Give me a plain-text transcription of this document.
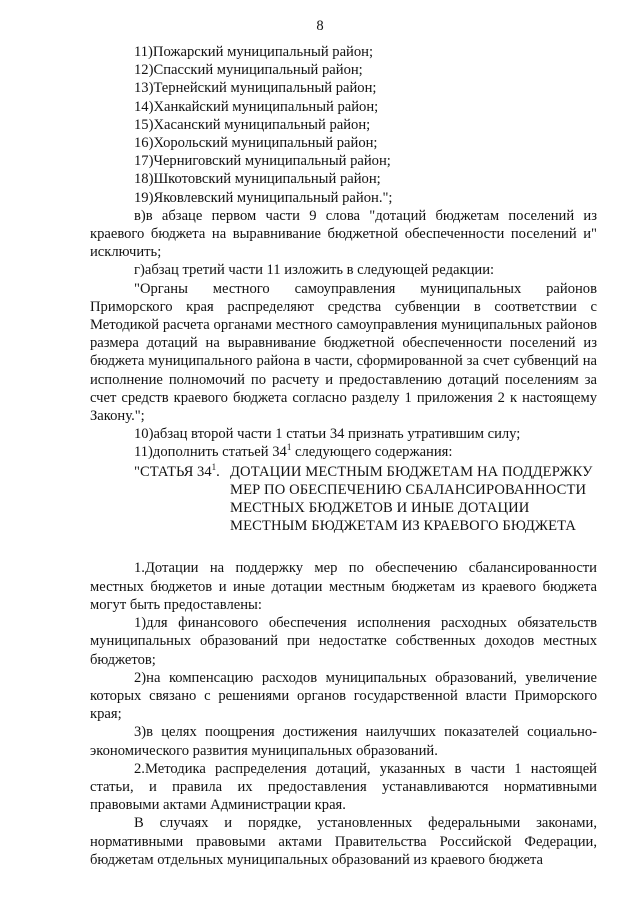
8

11)Пожарский муниципальный район;

12)Спасский муниципальный район;

13)Тернейский муниципальный район;

14)Ханкайский муниципальный район;

15)Хасанский муниципальный район;

16)Хорольский муниципальный район;

17)Черниговский муниципальный район;

18)Шкотовский муниципальный район;

19)Яковлевский муниципальный район.";

в)в абзаце первом части 9 слова "дотаций бюджетам поселений из краевого бюджета на выравнивание бюджетной обеспеченности поселений и" исключить;

г)абзац третий части 11 изложить в следующей редакции:

"Органы местного самоуправления муниципальных районов Приморского края распределяют средства субвенции в соответствии с Методикой расчета органами местного самоуправления муниципальных районов размера дотаций на выравнивание бюджетной обеспеченности поселений из бюджета муниципального района в части, сформированной за счет субвенций на исполнение полномочий по расчету и предоставлению дотаций поселениям за счет средств краевого бюджета согласно разделу 1 приложения 2 к настоящему Закону.";

10)абзац второй части 1 статьи 34 признать утратившим силу;

11)дополнить статьей $34^1$ следующего содержания:

"СТАТЬЯ $34^1$. ДОТАЦИИ МЕСТНЫМ БЮДЖЕТАМ НА ПОДДЕРЖКУ МЕР ПО ОБЕСПЕЧЕНИЮ СБАЛАНСИРОВАННОСТИ МЕСТНЫХ БЮДЖЕТОВ И ИНЫЕ ДОТАЦИИ МЕСТНЫМ БЮДЖЕТАМ ИЗ КРАЕВОГО БЮДЖЕТА

1.Дотации на поддержку мер по обеспечению сбалансированности местных бюджетов и иные дотации местным бюджетам из краевого бюджета могут быть предоставлены:

1)для финансового обеспечения исполнения расходных обязательств муниципальных образований при недостатке собственных доходов местных бюджетов;

2)на компенсацию расходов муниципальных образований, увеличение которых связано с решениями органов государственной власти Приморского края;

3)в целях поощрения достижения наилучших показателей социально-экономического развития муниципальных образований.

2.Методика распределения дотаций, указанных в части 1 настоящей статьи, и правила их предоставления устанавливаются нормативными правовыми актами Администрации края.

В случаях и порядке, установленных федеральными законами, нормативными правовыми актами Правительства Российской Федерации, бюджетам отдельных муниципальных образований из краевого бюджета
